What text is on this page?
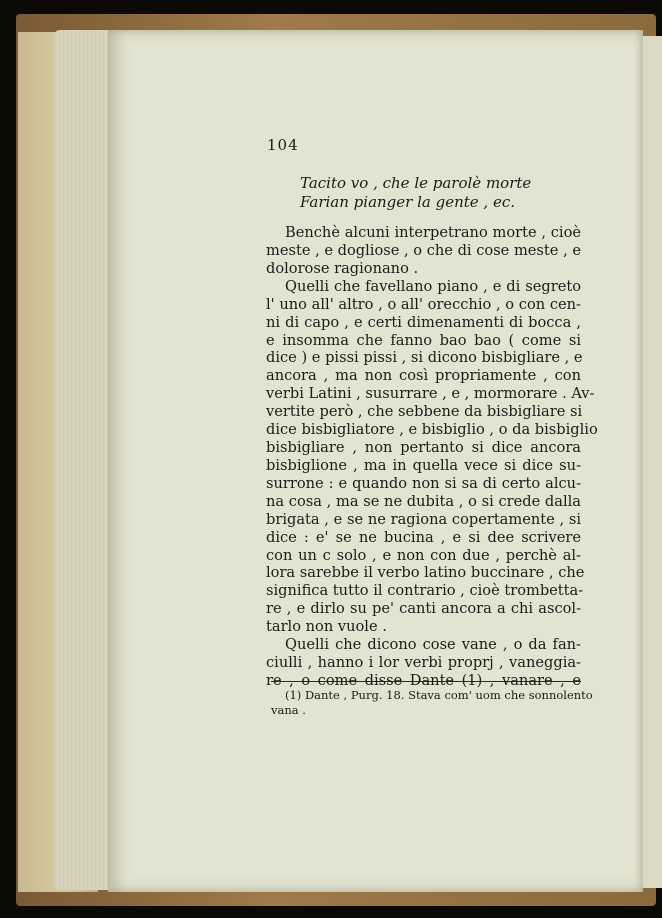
104
Tacito vo , che le parolè morte
Farian pianger la gente , ec.
Benchè alcuni interpetrano morte , cioè
meste , e dogliose , o che di cose meste , e
dolorose ragionano .
Quelli che favellano piano , e di segreto
l' uno all' altro , o all' orecchio , o con cen-
ni di capo , e certi dimenamenti di bocca ,
e insomma che fanno bao bao ( come si
dice ) e pissi pissi , si dicono bisbigliare , e
ancora , ma non così propriamente , con
verbi Latini , susurrare , e , mormorare . Av-
vertite però , che sebbene da bisbigliare si
dice bisbigliatore , e bisbiglio , o da bisbiglio
bisbigliare , non pertanto si dice ancora
bisbiglione , ma in quella vece si dice su-
surrone : e quando non si sa di certo alcu-
na cosa , ma se ne dubita , o si crede dalla
brigata , e se ne ragiona copertamente , si
dice : e' se ne bucina , e si dee scrivere
con un c solo , e non con due , perchè al-
lora sarebbe il verbo latino buccinare , che
significa tutto il contrario , cioè trombetta-
re , e dirlo su pe' canti ancora a chi ascol-
tarlo non vuole .
(1) Dante , Purg. 18. Stava com' uom che sonnolento
vana .
Quelli che dicono cose vane , o da fan-
ciulli , hanno i lor verbi proprj , vaneggia-
re , o come disse Dante (1) , vanare , e
